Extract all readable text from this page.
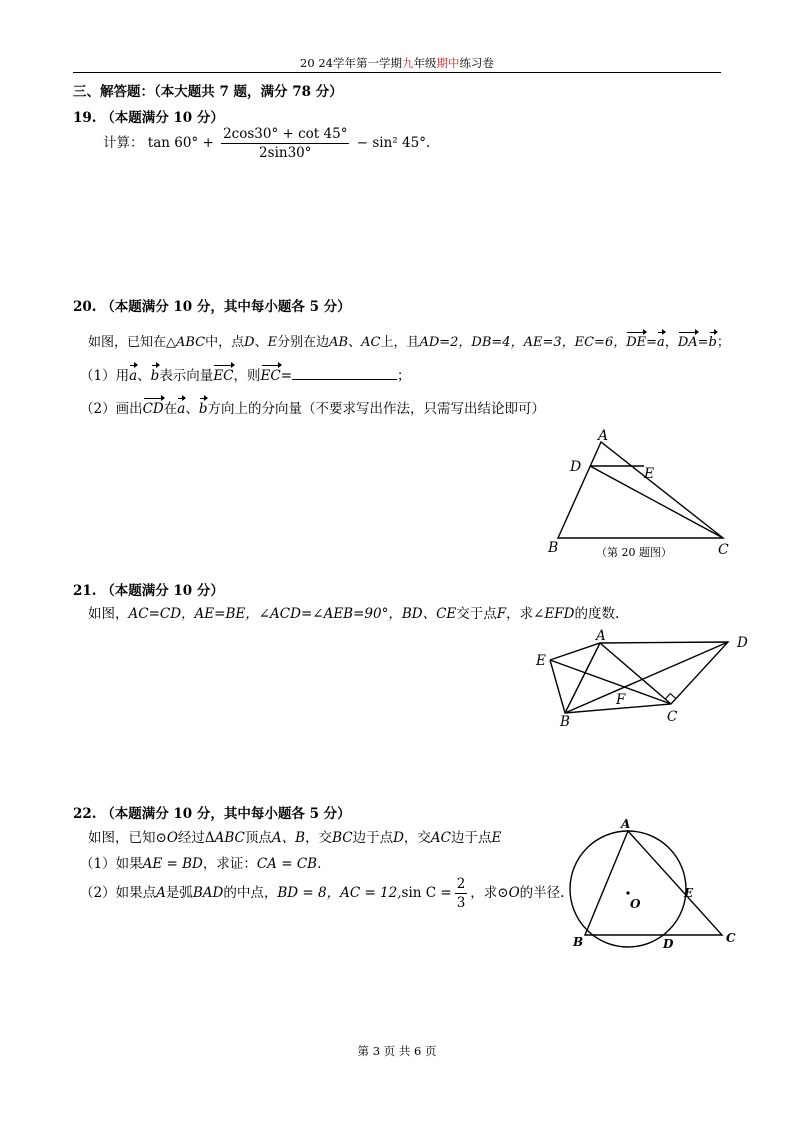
20 24学年第一学期九年级期中练习卷
三、解答题：（本大题共 7 题，满分 78 分）
19. （本题满分 10 分）
计算： $\tan 60^\circ + \frac{2\cos 30^\circ + \cot 45^\circ}{2\sin 30^\circ} - \sin^2$ 45°.
20. （本题满分 10 分，其中每小题各 5 分）
如图，已知在△ABC中，点D、E分别在边AB、AC上，且AD=2，DB=4，AE=3，EC=6，DE=a，DA=b；
（1）用a、b表示向量EC，则EC=	；
（2）画出CD在a、b方向上的分向量（不要求写出作法，只需写出结论即可）
A
D	E
B	C
（第 20 题图）
21. （本题满分 10 分）
如图，AC=CD，AE=BE，∠ACD=∠AEB=90°，BD、CE交于点F，求∠EFD的度数.
A	D
E
F
B	C
22. （本题满分 10 分，其中每小题各 5 分）
如图，已知⊙O经过ΔABC顶点A、B，交BC边于点D，交AC边于点E
（1）如果AE = BD，求证：CA = CB.
（2）如果点A是弧BAD的中点，BD = 8，AC = 12,sin $C = \frac{2}{3}$ ，求⊙O的半径.
A
O
E
B	D	C
第 3 页 共 6 页
